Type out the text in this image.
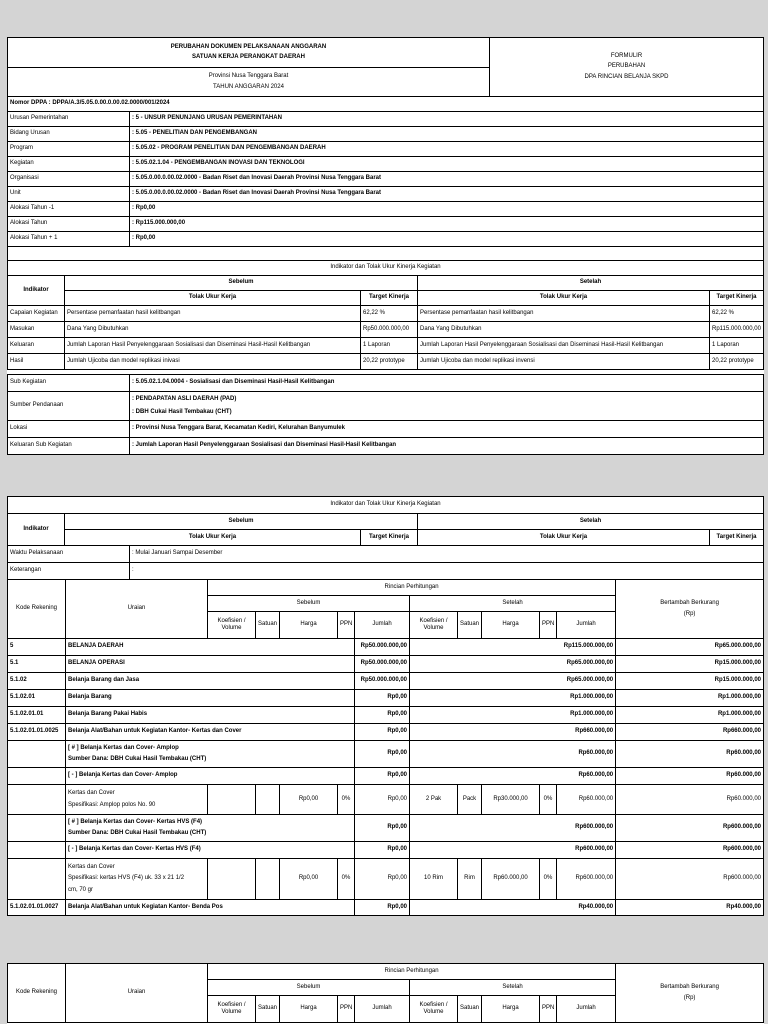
PERUBAHAN DOKUMEN PELAKSANAAN ANGGARAN
SATUAN KERJA PERANGKAT DAERAH	FORMULIR
PERUBAHAN
DPA RINCIAN BELANJA SKPD

Provinsi Nusa Tenggara Barat
TAHUN ANGGARAN 2024
Nomor DPPA : DPPA/A.3/5.05.0.00.0.00.02.0000/001/2024	
Urusan Pemerintahan	: 5 - UNSUR PENUNJANG URUSAN PEMERINTAHAN
Bidang Urusan	: 5.05 - PENELITIAN DAN PENGEMBANGAN
Program	: 5.05.02 - PROGRAM PENELITIAN DAN PENGEMBANGAN DAERAH
Kegiatan	: 5.05.02.1.04 - PENGEMBANGAN INOVASI DAN TEKNOLOGI
Organisasi	: 5.05.0.00.0.00.02.0000 - Badan Riset dan Inovasi Daerah Provinsi Nusa Tenggara Barat
Unit	: 5.05.0.00.0.00.02.0000 - Badan Riset dan Inovasi Daerah Provinsi Nusa Tenggara Barat
Alokasi Tahun -1	: Rp0,00
Alokasi Tahun	: Rp115.000.000,00
Alokasi Tahun + 1	: Rp0,00

Indikator dan Tolak Ukur Kinerja Kegiatan				
Indikator	Sebelum		Setelah	
	Tolak Ukur Kerja	Target Kinerja	Tolak Ukur Kerja	Target Kinerja
Capaian Kegiatan	Persentase pemanfaatan hasil kelitbangan	62,22 %	Persentase pemanfaatan hasil kelitbangan	62,22 %
Masukan	Dana Yang Dibutuhkan	Rp50.000.000,00	Dana Yang Dibutuhkan	Rp115.000.000,00
Keluaran	Jumlah Laporan Hasil Penyelenggaraan Sosialisasi dan Diseminasi Hasil-Hasil Kelitbangan	1 Laporan	Jumlah Laporan Hasil Penyelenggaraan Sosialisasi dan Diseminasi Hasil-Hasil Kelitbangan	1 Laporan
Hasil	Jumlah Ujicoba dan model replikasi inivasi	20,22 prototype	Jumlah Ujicoba dan model replikasi invensi	20,22 prototype
Sub Kegiatan	: 5.05.02.1.04.0004 - Sosialisasi dan Diseminasi Hasil-Hasil Kelitbangan
Sumber Pendanaan	: PENDAPATAN ASLI DAERAH (PAD)
: DBH Cukai Hasil Tembakau (CHT)

Lokasi	: Provinsi Nusa Tenggara Barat, Kecamatan Kediri, Kelurahan Banyumulek
Keluaran Sub Kegiatan	: Jumlah Laporan Hasil Penyelenggaraan Sosialisasi dan Diseminasi Hasil-Hasil Kelitbangan
Indikator dan Tolak Ukur Kinerja Kegiatan				
Indikator	Sebelum		Setelah	
	Tolak Ukur Kerja	Target Kinerja	Tolak Ukur Kerja	Target Kinerja
Waktu Pelaksanaan	: Mulai Januari Sampai Desember
Keterangan	:
Kode Rekening	Uraian	Rincian Perhitungan										Bertambah Berkurang
(Rp)

		Sebelum					Setelah					
		Koefisien / Volume	Satuan	Harga	PPN	Jumlah	Koefisien / Volume	Satuan	Harga	PPN	Jumlah	
5	BELANJA DAERAH					Rp50.000.000,00	Rp115.000.000,00					Rp65.000.000,00
5.1	BELANJA OPERASI					Rp50.000.000,00	Rp65.000.000,00					Rp15.000.000,00
5.1.02	Belanja Barang dan Jasa					Rp50.000.000,00	Rp65.000.000,00					Rp15.000.000,00
5.1.02.01	Belanja Barang					Rp0,00	Rp1.000.000,00					Rp1.000.000,00
5.1.02.01.01	Belanja Barang Pakai Habis					Rp0,00	Rp1.000.000,00					Rp1.000.000,00
5.1.02.01.01.0025	Belanja Alat/Bahan untuk Kegiatan Kantor- Kertas dan Cover					Rp0,00	Rp660.000,00					Rp660.000,00

	[ # ] Belanja Kertas dan Cover- Amplop
Sumber Dana: DBH Cukai Hasil Tembakau (CHT)					Rp0,00	Rp60.000,00					Rp60.000,00
	[ - ] Belanja Kertas dan Cover- Amplop					Rp0,00	Rp60.000,00					Rp60.000,00

	Kertas dan Cover
Spesifikasi: Amplop polos No. 90			Rp0,00	0%	Rp0,00	2 Pak	Pack	Rp30.000,00	0%	Rp60.000,00	Rp60.000,00

	[ # ] Belanja Kertas dan Cover- Kertas HVS (F4)
Sumber Dana: DBH Cukai Hasil Tembakau (CHT)					Rp0,00	Rp600.000,00					Rp600.000,00
	[ - ] Belanja Kertas dan Cover- Kertas HVS (F4)					Rp0,00	Rp600.000,00					Rp600.000,00

	Kertas dan Cover
Spesifikasi: kertas HVS (F4) uk. 33 x 21 1/2
cm, 70 gr			Rp0,00	0%	Rp0,00	10 Rim	Rim	Rp60.000,00	0%	Rp600.000,00	Rp600.000,00
5.1.02.01.01.0027	Belanja Alat/Bahan untuk Kegiatan Kantor- Benda Pos					Rp0,00	Rp40.000,00					Rp40.000,00
Kode Rekening	Uraian	Rincian Perhitungan										Bertambah Berkurang
(Rp)

		Sebelum					Setelah					
		Koefisien / Volume	Satuan	Harga	PPN	Jumlah	Koefisien / Volume	Satuan	Harga	PPN	Jumlah	
